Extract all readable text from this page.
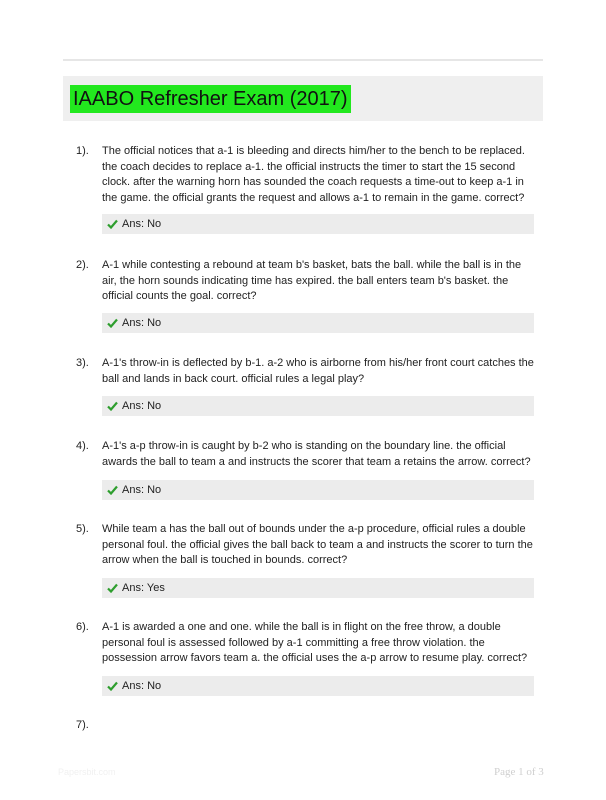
IAABO Refresher Exam (2017)
1). The official notices that a-1 is bleeding and directs him/her to the bench to be replaced. the coach decides to replace a-1. the official instructs the timer to start the 15 second clock. after the warning horn has sounded the coach requests a time-out to keep a-1 in the game. the official grants the request and allows a-1 to remain in the game. correct?
Ans: No
2). A-1 while contesting a rebound at team b's basket, bats the ball. while the ball is in the air, the horn sounds indicating time has expired. the ball enters team b's basket. the official counts the goal. correct?
Ans: No
3). A-1's throw-in is deflected by b-1. a-2 who is airborne from his/her front court catches the ball and lands in back court. official rules a legal play?
Ans: No
4). A-1's a-p throw-in is caught by b-2 who is standing on the boundary line. the official awards the ball to team a and instructs the scorer that team a retains the arrow. correct?
Ans: No
5). While team a has the ball out of bounds under the a-p procedure, official rules a double personal foul. the official gives the ball back to team a and instructs the scorer to turn the arrow when the ball is touched in bounds. correct?
Ans: Yes
6). A-1 is awarded a one and one. while the ball is in flight on the free throw, a double personal foul is assessed followed by a-1 committing a free throw violation. the possession arrow favors team a. the official uses the a-p arrow to resume play. correct?
Ans: No
7).
Papersbit.com	Page 1 of 3
